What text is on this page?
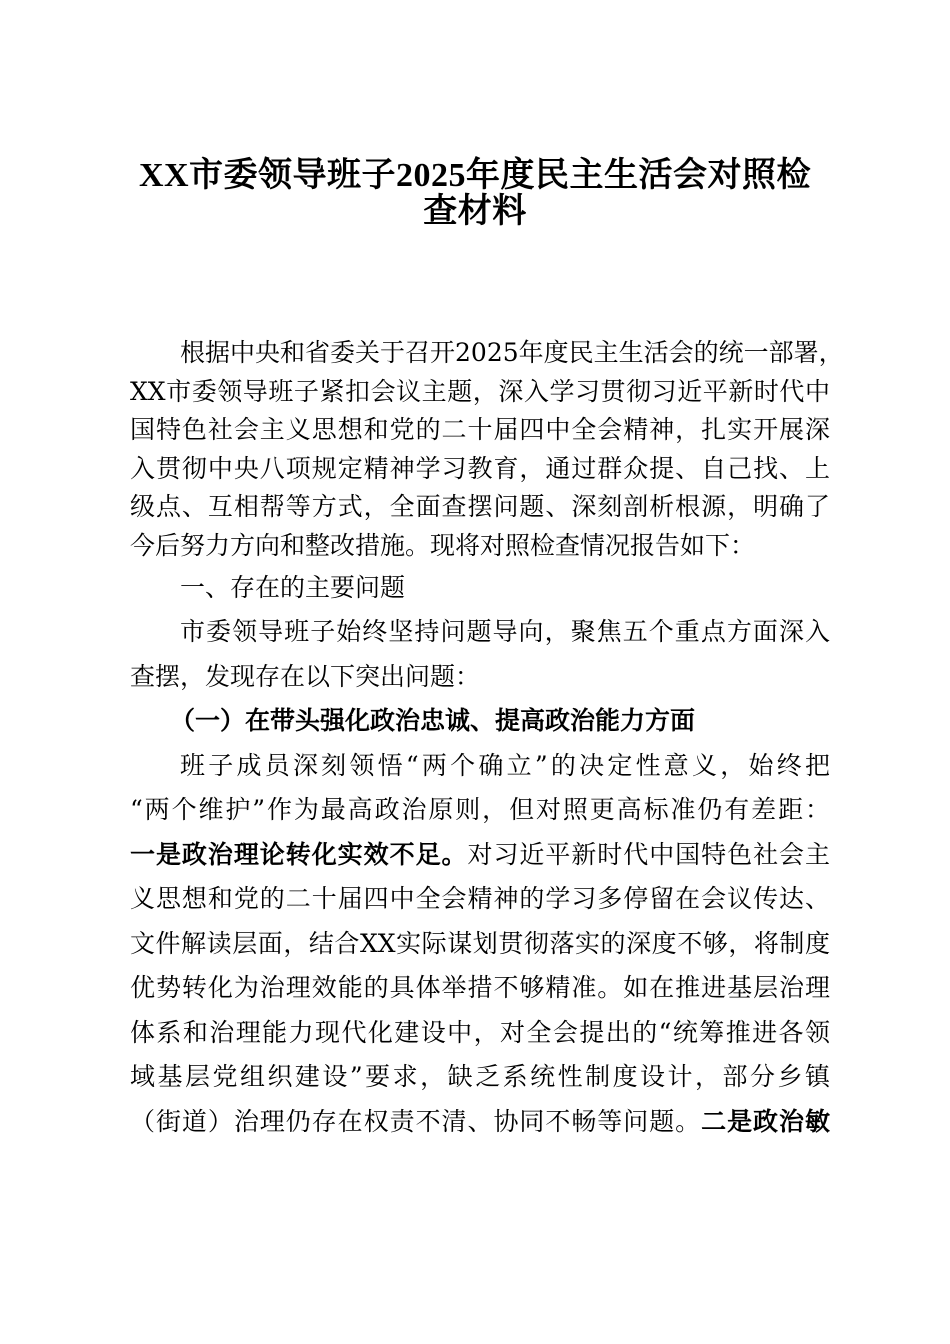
XX市委领导班子2025年度民主生活会对照检
查材料
根据中央和省委关于召开2025年度民主生活会的统一部署，
XX市委领导班子紧扣会议主题，深入学习贯彻习近平新时代中
国特色社会主义思想和党的二十届四中全会精神，扎实开展深
入贯彻中央八项规定精神学习教育，通过群众提、自己找、上
级点、互相帮等方式，全面查摆问题、深刻剖析根源，明确了
今后努力方向和整改措施。现将对照检查情况报告如下：
一、存在的主要问题
市委领导班子始终坚持问题导向，聚焦五个重点方面深入
查摆，发现存在以下突出问题：
（一）在带头强化政治忠诚、提高政治能力方面
班子成员深刻领悟“两个确立”的决定性意义，始终把
“两个维护”作为最高政治原则，但对照更高标准仍有差距：
一是政治理论转化实效不足。对习近平新时代中国特色社会主
义思想和党的二十届四中全会精神的学习多停留在会议传达、
文件解读层面，结合XX实际谋划贯彻落实的深度不够，将制度
优势转化为治理效能的具体举措不够精准。如在推进基层治理
体系和治理能力现代化建设中，对全会提出的“统筹推进各领
域基层党组织建设”要求，缺乏系统性制度设计，部分乡镇
（街道）治理仍存在权责不清、协同不畅等问题。二是政治敏
